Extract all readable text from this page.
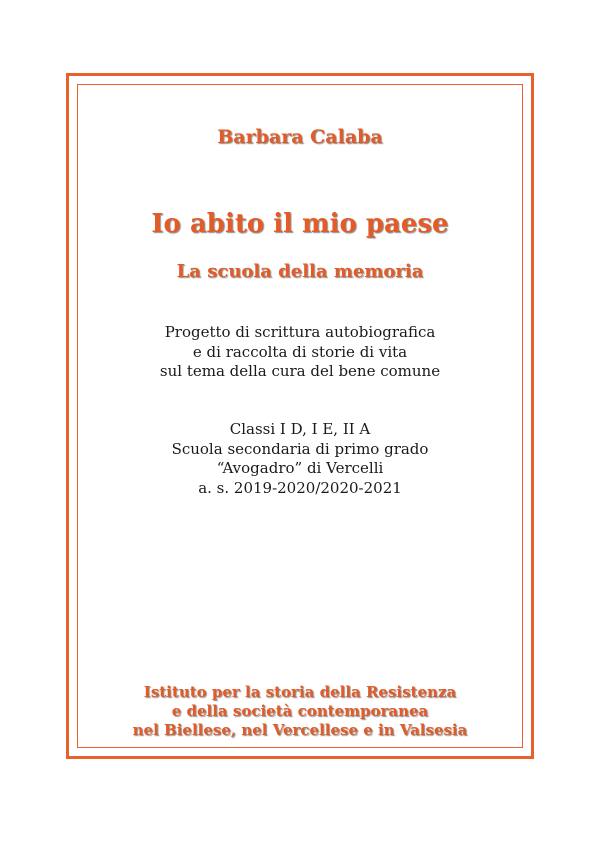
Barbara Calaba
Io abito il mio paese
La scuola della memoria
Progetto di scrittura autobiografica
e di raccolta di storie di vita
sul tema della cura del bene comune
Classi I D, I E, II A
Scuola secondaria di primo grado
“Avogadro” di Vercelli
a. s. 2019-2020/2020-2021
Istituto per la storia della Resistenza
e della società contemporanea
nel Biellese, nel Vercellese e in Valsesia
